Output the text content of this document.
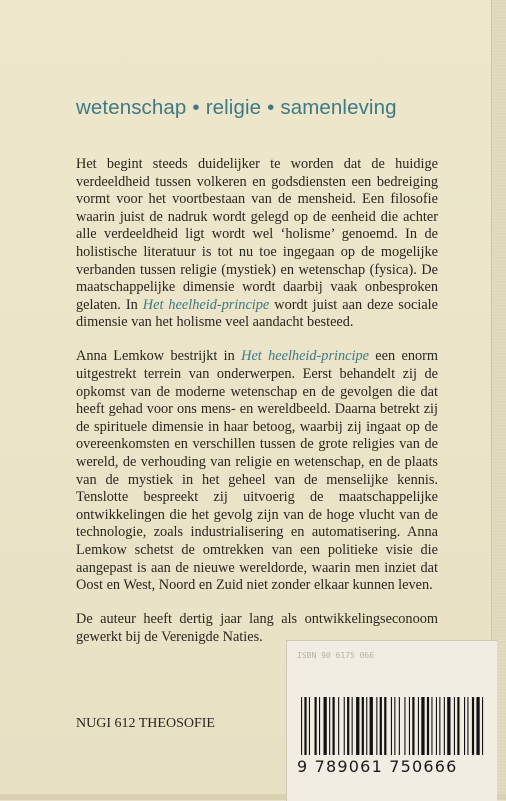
wetenschap • religie • samenleving

Het begint steeds duidelijker te worden dat de huidige verdeeldheid tussen volkeren en godsdiensten een bedreiging vormt voor het voortbestaan van de mensheid. Een filosofie waarin juist de nadruk wordt gelegd op de eenheid die achter alle verdeeldheid ligt wordt wel ‘holisme’ genoemd. In de holistische literatuur is tot nu toe ingegaan op de mogelijke verbanden tussen religie (mystiek) en wetenschap (fysica). De maatschappelijke dimensie wordt daarbij vaak onbesproken gelaten. In Het heelheid-principe wordt juist aan deze sociale dimensie van het holisme veel aandacht besteed.

Anna Lemkow bestrijkt in Het heelheid-principe een enorm uitgestrekt terrein van onderwerpen. Eerst behandelt zij de opkomst van de moderne wetenschap en de gevolgen die dat heeft gehad voor ons mens- en wereldbeeld. Daarna betrekt zij de spirituele dimensie in haar betoog, waarbij zij ingaat op de overeenkomsten en verschillen tussen de grote religies van de wereld, de verhouding van religie en wetenschap, en de plaats van de mystiek in het geheel van de menselijke kennis. Tenslotte bespreekt zij uitvoerig de maatschappelijke ontwikkelingen die het gevolg zijn van de hoge vlucht van de technologie, zoals industrialisering en automatisering. Anna Lemkow schetst de omtrekken van een politieke visie die aangepast is aan de nieuwe wereldorde, waarin men inziet dat Oost en West, Noord en Zuid niet zonder elkaar kunnen leven.

De auteur heeft dertig jaar lang als ontwikkelingseconoom gewerkt bij de Verenigde Naties.

NUGI 612 THEOSOFIE
ISBN 90 6175 066
9 789061 750666
